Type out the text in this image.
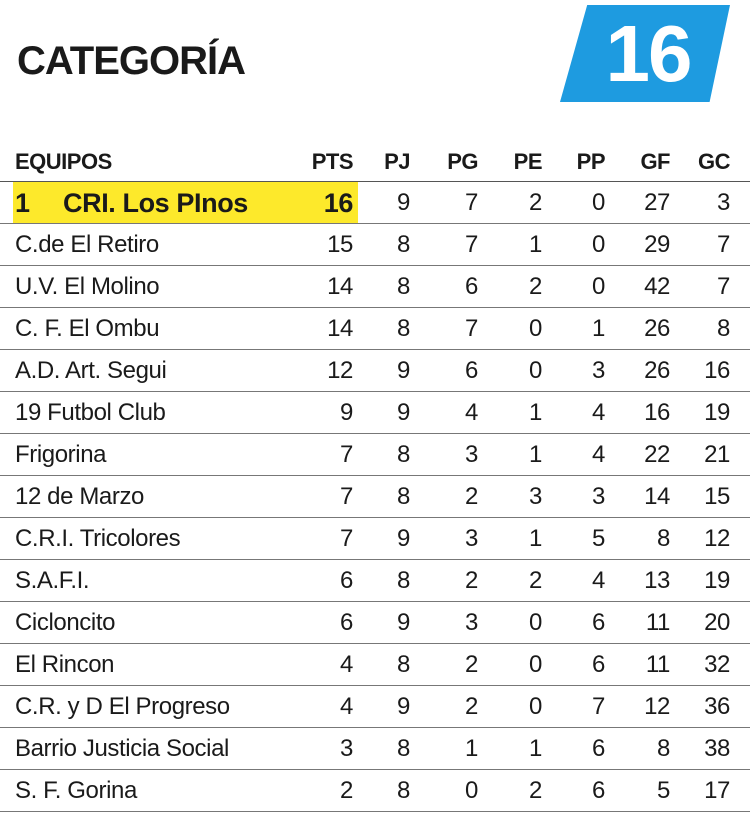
CATEGORÍA	16
EQUIPOS	PTS	PJ	PG	PE	PP	GF	GC
1 CRI. Los PInos	16	9	7	2	0	27	3
C.de El Retiro	15	8	7	1	0	29	7
U.V. El Molino	14	8	6	2	0	42	7
C. F. El Ombu	14	8	7	0	1	26	8
A.D. Art. Segui	12	9	6	0	3	26	16
19 Futbol Club	9	9	4	1	4	16	19
Frigorina	7	8	3	1	4	22	21
12 de Marzo	7	8	2	3	3	14	15
C.R.I. Tricolores	7	9	3	1	5	8	12
S.A.F.I.	6	8	2	2	4	13	19
Cicloncito	6	9	3	0	6	11	20
El Rincon	4	8	2	0	6	11	32
C.R. y D El Progreso	4	9	2	0	7	12	36
Barrio Justicia Social	3	8	1	1	6	8	38
S. F. Gorina	2	8	0	2	6	5	17
